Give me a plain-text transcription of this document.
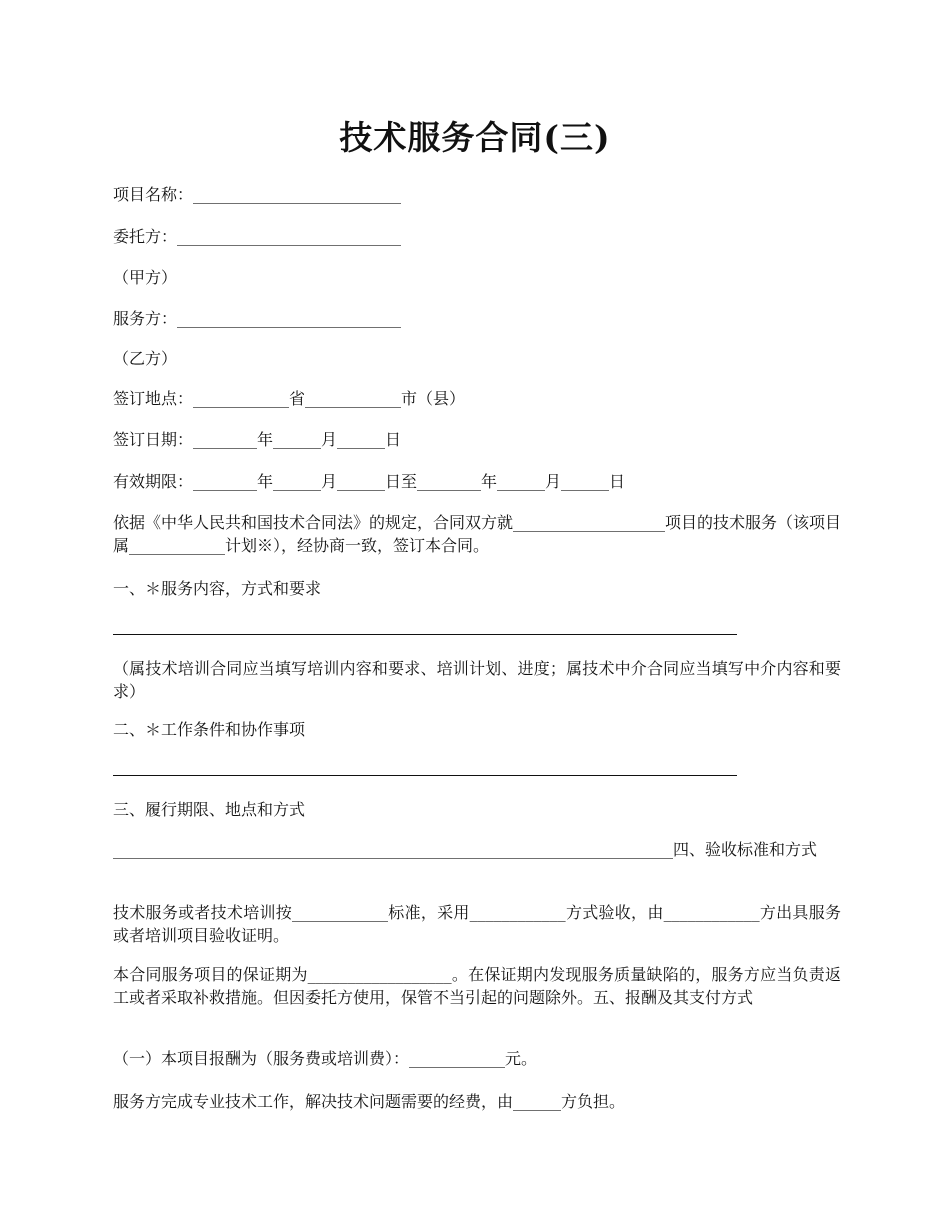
技术服务合同(三)
项目名称：__________________________
委托方：____________________________
（甲方）
服务方：____________________________
（乙方）
签订地点：____________省____________市（县）
签订日期：________年______月______日
有效期限：________年______月______日至________年______月______日
依据《中华人民共和国技术合同法》的规定，合同双方就___________________项目的技术服务（该项目属____________计划※），经协商一致，签订本合同。
一、＊服务内容，方式和要求
（属技术培训合同应当填写培训内容和要求、培训计划、进度；属技术中介合同应当填写中介内容和要求）
二、＊工作条件和协作事项
三、履行期限、地点和方式
______________________________________________________________________四、验收标准和方式
技术服务或者技术培训按____________标准，采用____________方式验收，由____________方出具服务或者培训项目验收证明。
本合同服务项目的保证期为__________________。在保证期内发现服务质量缺陷的，服务方应当负责返工或者采取补救措施。但因委托方使用，保管不当引起的问题除外。五、报酬及其支付方式
（一）本项目报酬为（服务费或培训费）：____________元。
服务方完成专业技术工作，解决技术问题需要的经费，由______方负担。
